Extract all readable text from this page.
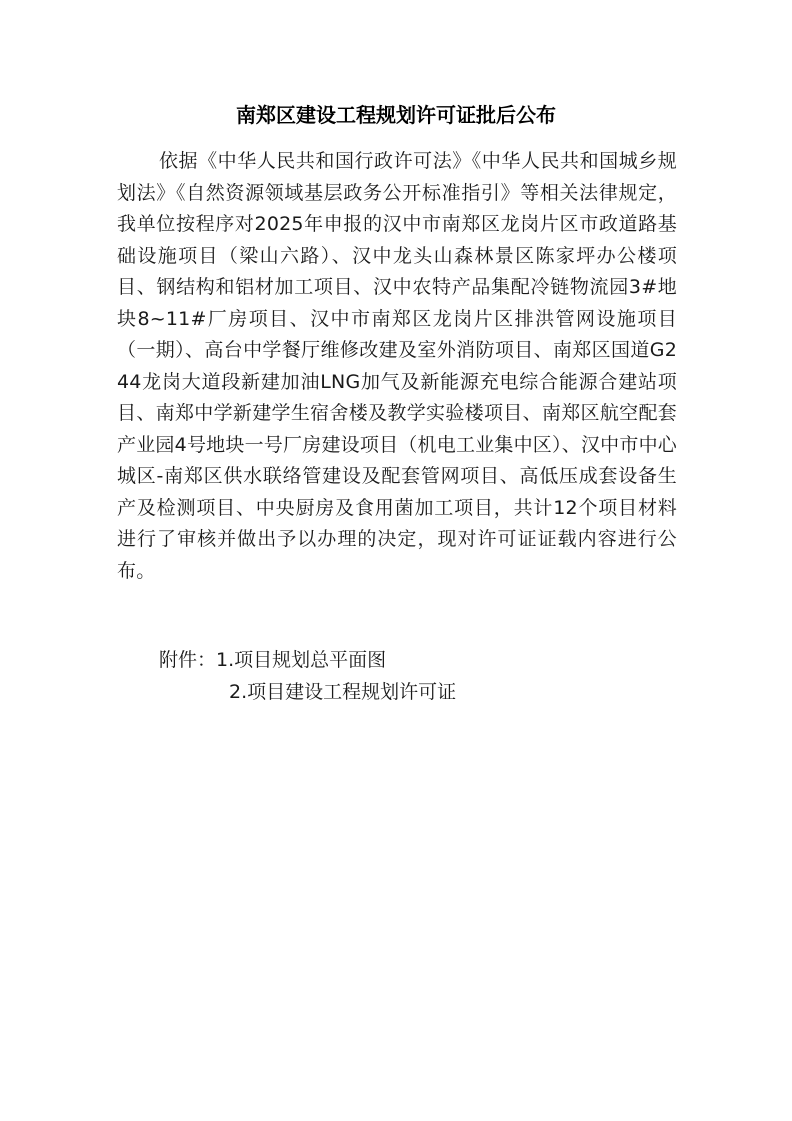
南郑区建设工程规划许可证批后公布
依据《中华人民共和国行政许可法》《中华人民共和国城乡规划法》《自然资源领域基层政务公开标准指引》等相关法律规定，我单位按程序对2025年申报的汉中市南郑区龙岗片区市政道路基础设施项目（梁山六路）、汉中龙头山森林景区陈家坪办公楼项目、钢结构和铝材加工项目、汉中农特产品集配冷链物流园3#地块8~11#厂房项目、汉中市南郑区龙岗片区排洪管网设施项目（一期）、高台中学餐厅维修改建及室外消防项目、南郑区国道G244龙岗大道段新建加油LNG加气及新能源充电综合能源合建站项目、南郑中学新建学生宿舍楼及教学实验楼项目、南郑区航空配套产业园4号地块一号厂房建设项目（机电工业集中区）、汉中市中心城区-南郑区供水联络管建设及配套管网项目、高低压成套设备生产及检测项目、中央厨房及食用菌加工项目，共计12个项目材料进行了审核并做出予以办理的决定，现对许可证证载内容进行公布。
附件：1.项目规划总平面图
2.项目建设工程规划许可证
